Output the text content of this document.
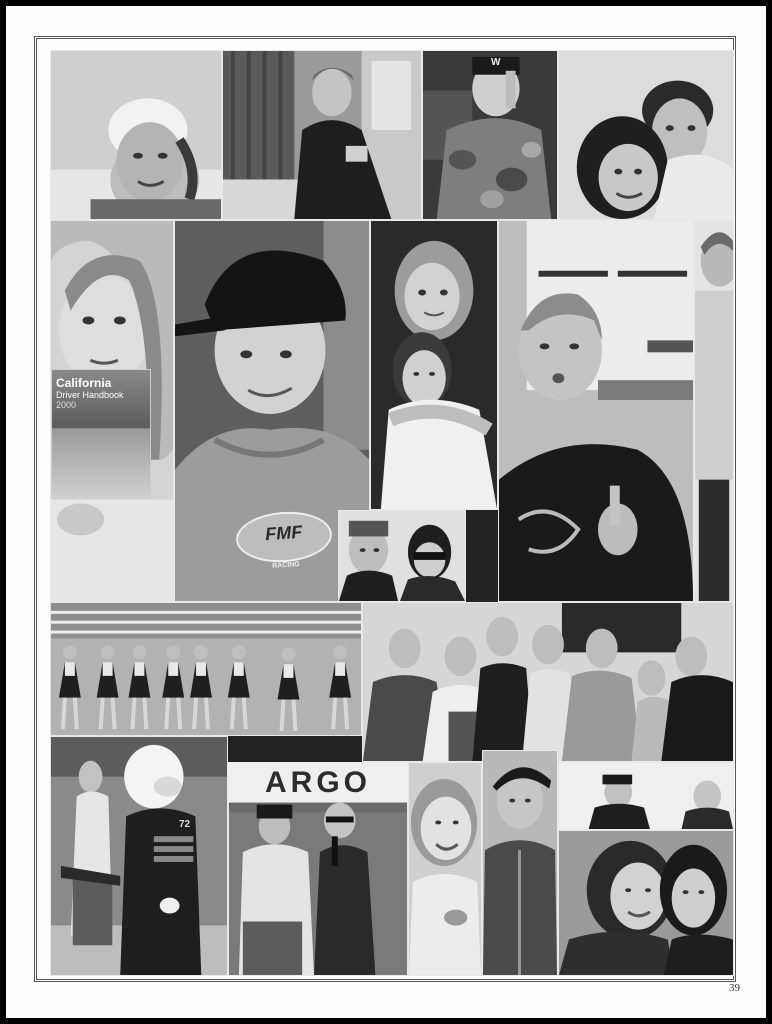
W
California
Driver Handbook
2000
FMF
RACING
72
ARGO
39
